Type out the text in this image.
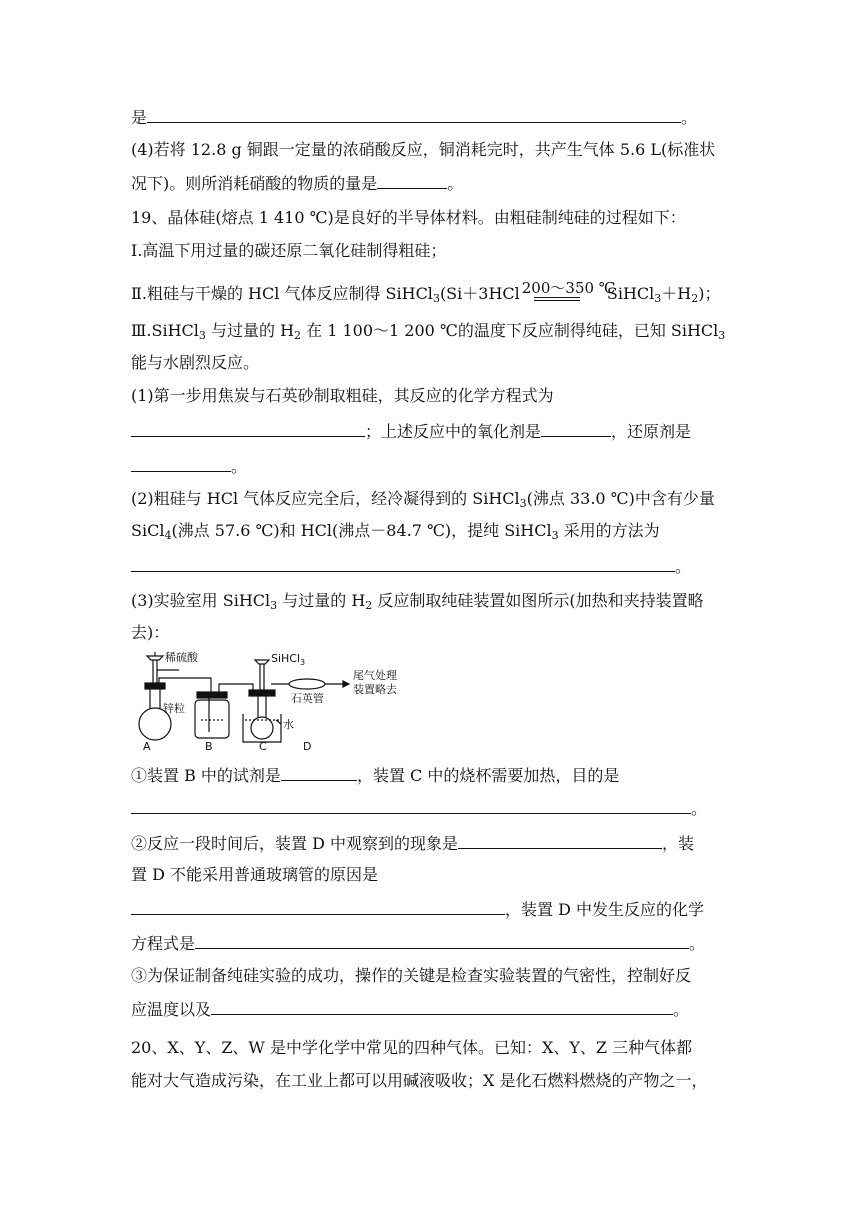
是	。
(4)若将 12.8 g 铜跟一定量的浓硝酸反应，铜消耗完时，共产生气体 5.6 L(标准状
况下)。则所消耗硝酸的物质的量是	。
19、晶体硅(熔点 1 410 ℃)是良好的半导体材料。由粗硅制纯硅的过程如下：
Ⅰ.高温下用过量的碳还原二氧化硅制得粗硅；
Ⅱ.粗硅与干燥的 HCl 气体反应制得 SiHCl$_3$(Si＋3HCl 200～350 ℃
$SiHCl_3+H_2$)；
Ⅲ.SiHCl$_3$ 与过量的 $H_2$ 在 1 100～1 200 ℃的温度下反应制得纯硅，已知 SiHCl$_3$
能与水剧烈反应。
(1)第一步用焦炭与石英砂制取粗硅，其反应的化学方程式为
；上述反应中的氧化剂是	，还原剂是
。
(2)粗硅与 HCl 气体反应完全后，经冷凝得到的 SiHCl$_3$(沸点 33.0 ℃)中含有少量
SiCl$_4$(沸点 57.6 ℃)和 HCl(沸点－84.7 ℃)，提纯 SiHCl$_3$ 采用的方法为
。
(3)实验室用 SiHCl$_3$ 与过量的 $H_2$ 反应制取纯硅装置如图所示(加热和夹持装置略
去)：
稀硫酸
锌粒
SiHCl$_3$
石英管
水
尾气处理
装置略去
A	B	C	D
①装置 B 中的试剂是	，装置 C 中的烧杯需要加热，目的是
。
②反应一段时间后，装置 D 中观察到的现象是	，装
置 D 不能采用普通玻璃管的原因是
，装置 D 中发生反应的化学
方程式是	。
③为保证制备纯硅实验的成功，操作的关键是检查实验装置的气密性，控制好反
应温度以及	。
20、X、Y、Z、W 是中学化学中常见的四种气体。已知：X、Y、Z 三种气体都
能对大气造成污染，在工业上都可以用碱液吸收；X 是化石燃料燃烧的产物之一，
